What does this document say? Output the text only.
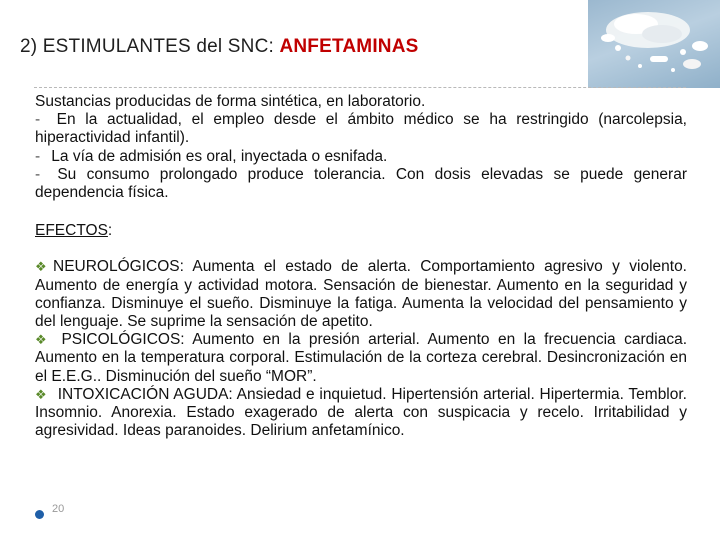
2) ESTIMULANTES del SNC: ANFETAMINAS

Sustancias producidas de forma sintética, en laboratorio.

- En la actualidad, el empleo desde el ámbito médico se ha restringido (narcolepsia, hiperactividad infantil).

- La vía de admisión es oral, inyectada o esnifada.

- Su consumo prolongado produce tolerancia. Con dosis elevadas se puede generar dependencia física.

EFECTOS:

❖ NEUROLÓGICOS: Aumenta el estado de alerta. Comportamiento agresivo y violento. Aumento de energía y actividad motora. Sensación de bienestar. Aumento en la seguridad y confianza. Disminuye el sueño. Disminuye la fatiga. Aumenta la velocidad del pensamiento y del lenguaje. Se suprime la sensación de apetito.

❖ PSICOLÓGICOS: Aumento en la presión arterial. Aumento en la frecuencia cardiaca. Aumento en la temperatura corporal. Estimulación de la corteza cerebral. Desincronización en el E.E.G.. Disminución del sueño “MOR”.

❖ INTOXICACIÓN AGUDA: Ansiedad e inquietud. Hipertensión arterial. Hipertermia. Temblor. Insomnio. Anorexia. Estado exagerado de alerta con suspicacia y recelo. Irritabilidad y agresividad. Ideas paranoides. Delirium anfetamínico.

20
